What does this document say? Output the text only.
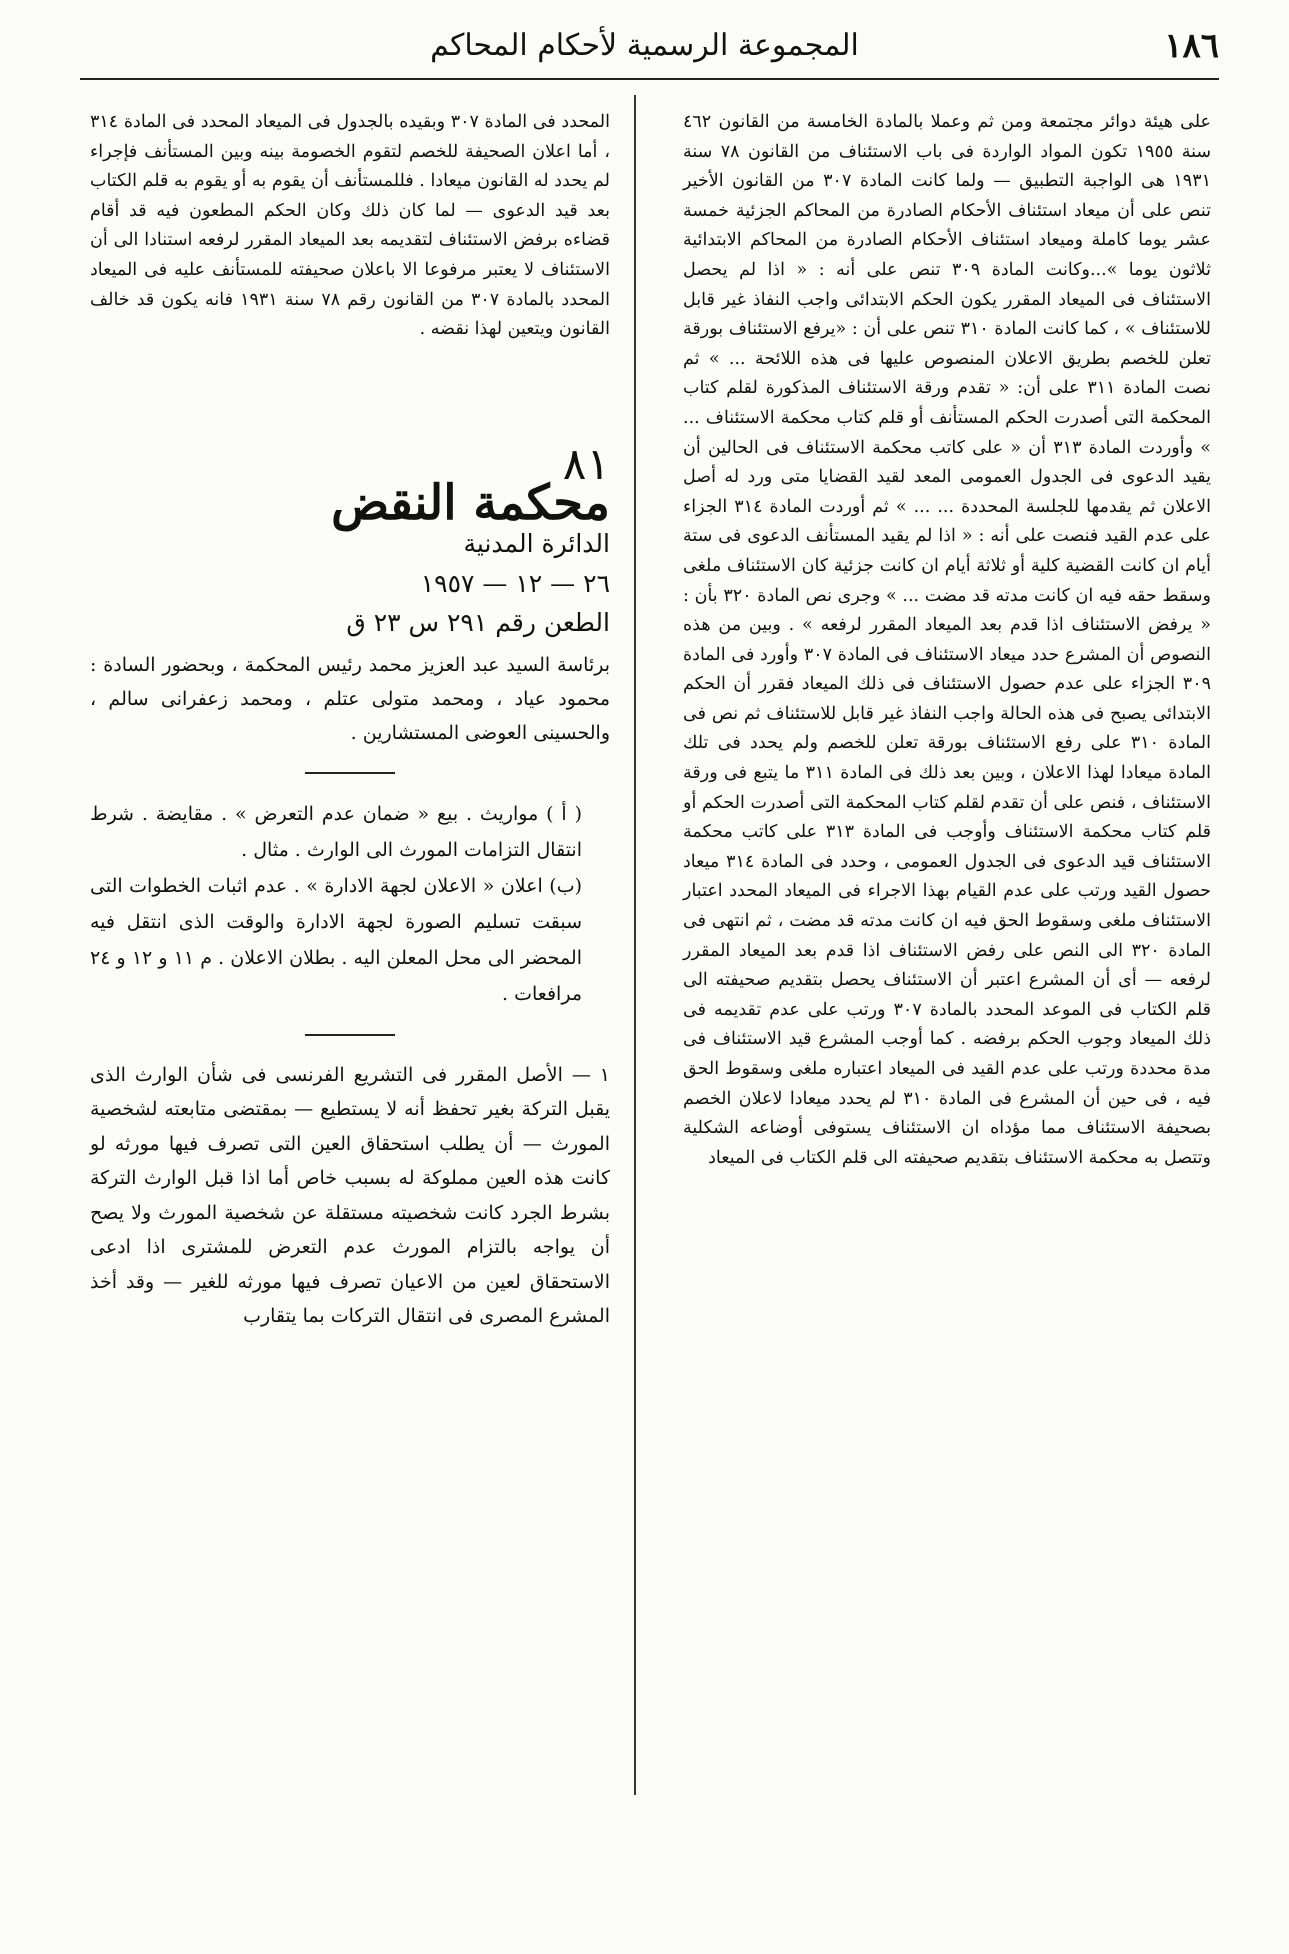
١٨٦
المجموعة الرسمية لأحكام المحاكم

على هيئة دوائر مجتمعة ومن ثم وعملا بالمادة الخامسة من القانون ٤٦٢ سنة ١٩٥٥ تكون المواد الواردة فى باب الاستئناف من القانون ٧٨ سنة ١٩٣١ هى الواجبة التطبيق — ولما كانت المادة ٣٠٧ من القانون الأخير تنص على أن ميعاد استئناف الأحكام الصادرة من المحاكم الجزئية خمسة عشر يوما كاملة وميعاد استئناف الأحكام الصادرة من المحاكم الابتدائية ثلاثون يوما »...وكانت المادة ٣٠٩ تنص على أنه : « اذا لم يحصل الاستئناف فى الميعاد المقرر يكون الحكم الابتدائى واجب النفاذ غير قابل للاستئناف » ، كما كانت المادة ٣١٠ تنص على أن : «يرفع الاستئناف بورقة تعلن للخصم بطريق الاعلان المنصوص عليها فى هذه اللائحة ... » ثم نصت المادة ٣١١ على أن: « تقدم ورقة الاستئناف المذكورة لقلم كتاب المحكمة التى أصدرت الحكم المستأنف أو قلم كتاب محكمة الاستئناف ... » وأوردت المادة ٣١٣ أن « على كاتب محكمة الاستئناف فى الحالين أن يقيد الدعوى فى الجدول العمومى المعد لقيد القضايا متى ورد له أصل الاعلان ثم يقدمها للجلسة المحددة ... ... » ثم أوردت المادة ٣١٤ الجزاء على عدم القيد فنصت على أنه : « اذا لم يقيد المستأنف الدعوى فى ستة أيام ان كانت القضية كلية أو ثلاثة أيام ان كانت جزئية كان الاستئناف ملغى وسقط حقه فيه ان كانت مدته قد مضت ... » وجرى نص المادة ٣٢٠ بأن : « يرفض الاستئناف اذا قدم بعد الميعاد المقرر لرفعه » . وبين من هذه النصوص أن المشرع حدد ميعاد الاستئناف فى المادة ٣٠٧ وأورد فى المادة ٣٠٩ الجزاء على عدم حصول الاستئناف فى ذلك الميعاد فقرر أن الحكم الابتدائى يصبح فى هذه الحالة واجب النفاذ غير قابل للاستئناف ثم نص فى المادة ٣١٠ على رفع الاستئناف بورقة تعلن للخصم ولم يحدد فى تلك المادة ميعادا لهذا الاعلان ، وبين بعد ذلك فى المادة ٣١١ ما يتبع فى ورقة الاستئناف ، فنص على أن تقدم لقلم كتاب المحكمة التى أصدرت الحكم أو قلم كتاب محكمة الاستئناف وأوجب فى المادة ٣١٣ على كاتب محكمة الاستئناف قيد الدعوى فى الجدول العمومى ، وحدد فى المادة ٣١٤ ميعاد حصول القيد ورتب على عدم القيام بهذا الاجراء فى الميعاد المحدد اعتبار الاستئناف ملغى وسقوط الحق فيه ان كانت مدته قد مضت ، ثم انتهى فى المادة ٣٢٠ الى النص على رفض الاستئناف اذا قدم بعد الميعاد المقرر لرفعه — أى أن المشرع اعتبر أن الاستئناف يحصل بتقديم صحيفته الى قلم الكتاب فى الموعد المحدد بالمادة ٣٠٧ ورتب على عدم تقديمه فى ذلك الميعاد وجوب الحكم برفضه . كما أوجب المشرع قيد الاستئناف فى مدة محددة ورتب على عدم القيد فى الميعاد اعتباره ملغى وسقوط الحق فيه ، فى حين أن المشرع فى المادة ٣١٠ لم يحدد ميعادا لاعلان الخصم بصحيفة الاستئناف مما مؤداه ان الاستئناف يستوفى أوضاعه الشكلية وتتصل به محكمة الاستئناف بتقديم صحيفته الى قلم الكتاب فى الميعاد

المحدد فى المادة ٣٠٧ وبقيده بالجدول فى الميعاد المحدد فى المادة ٣١٤ ، أما اعلان الصحيفة للخصم لتقوم الخصومة بينه وبين المستأنف فإجراء لم يحدد له القانون ميعادا . فللمستأنف أن يقوم به أو يقوم به قلم الكتاب بعد قيد الدعوى — لما كان ذلك وكان الحكم المطعون فيه قد أقام قضاءه برفض الاستئناف لتقديمه بعد الميعاد المقرر لرفعه استنادا الى أن الاستئناف لا يعتبر مرفوعا الا باعلان صحيفته للمستأنف عليه فى الميعاد المحدد بالمادة ٣٠٧ من القانون رقم ٧٨ سنة ١٩٣١ فانه يكون قد خالف القانون ويتعين لهذا نقضه .

٨١
محكمة النقض
الدائرة المدنية
٢٦ — ١٢ — ١٩٥٧
الطعن رقم ٢٩١ س ٢٣ ق

برئاسة السيد عبد العزيز محمد رئيس المحكمة ، وبحضور السادة : محمود عياد ، ومحمد متولى عتلم ، ومحمد زعفرانى سالم ، والحسينى العوضى المستشارين .

( أ ) مواريث . بيع « ضمان عدم التعرض » . مقايضة . شرط انتقال التزامات المورث الى الوارث . مثال .

(ب) اعلان « الاعلان لجهة الادارة » . عدم اثبات الخطوات التى سبقت تسليم الصورة لجهة الادارة والوقت الذى انتقل فيه المحضر الى محل المعلن اليه . بطلان الاعلان . م ١١ و ١٢ و ٢٤ مرافعات .

١ — الأصل المقرر فى التشريع الفرنسى فى شأن الوارث الذى يقبل التركة بغير تحفظ أنه لا يستطيع — بمقتضى متابعته لشخصية المورث — أن يطلب استحقاق العين التى تصرف فيها مورثه لو كانت هذه العين مملوكة له بسبب خاص أما اذا قبل الوارث التركة بشرط الجرد كانت شخصيته مستقلة عن شخصية المورث ولا يصح أن يواجه بالتزام المورث عدم التعرض للمشترى اذا ادعى الاستحقاق لعين من الاعيان تصرف فيها مورثه للغير — وقد أخذ المشرع المصرى فى انتقال التركات بما يتقارب
